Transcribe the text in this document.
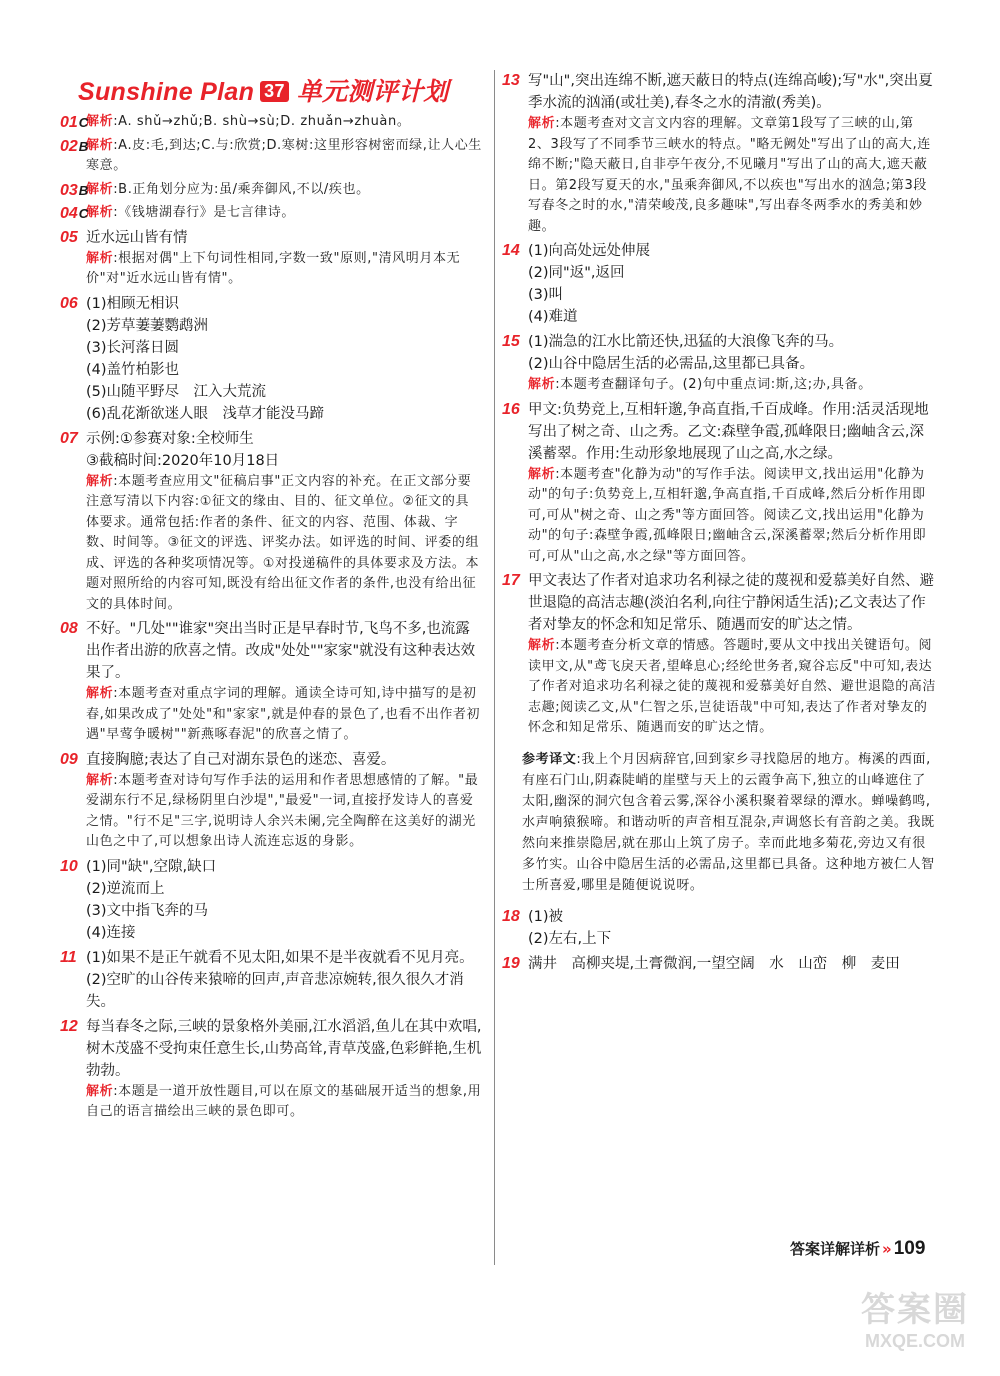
Sunshine Plan 37 单元测评计划
01C
解析:A. shǔ→zhǔ;B. shù→sù;D. zhuǎn→zhuàn。
02B
解析:A.皮:毛,到达;C.与:欣赏;D.寒树:这里形容树密而绿,让人心生寒意。
03B
解析:B.正角划分应为:虽/乘奔御风,不以/疾也。
04C
解析:《钱塘湖春行》是七言律诗。
05 近水远山皆有情
解析:根据对偶"上下句词性相同,字数一致"原则,"清风明月本无价"对"近水远山皆有情"。
06 (1)相顾无相识
(2)芳草萋萋鹦鹉洲
(3)长河落日圆
(4)盖竹柏影也
(5)山随平野尽　江入大荒流
(6)乱花渐欲迷人眼　浅草才能没马蹄
07 示例:①参赛对象:全校师生
③截稿时间:2020年10月18日
解析:本题考查应用文"征稿启事"正文内容的补充。在正文部分要注意写清以下内容:①征文的缘由、目的、征文单位。②征文的具体要求。通常包括:作者的条件、征文的内容、范围、体裁、字数、时间等。③征文的评选、评奖办法。如评选的时间、评委的组成、评选的各种奖项情况等。①对投递稿件的具体要求及方法。本题对照所给的内容可知,既没有给出征文作者的条件,也没有给出征文的具体时间。
08 不好。"几处""谁家"突出当时正是早春时节,飞鸟不多,也流露出作者出游的欣喜之情。改成"处处""家家"就没有这种表达效果了。
解析:本题考查对重点字词的理解。通读全诗可知,诗中描写的是初春,如果改成了"处处"和"家家",就是仲春的景色了,也看不出作者初遇"早莺争暖树""新燕啄春泥"的欣喜之情了。
09 直接胸臆;表达了自己对湖东景色的迷恋、喜爱。
解析:本题考查对诗句写作手法的运用和作者思想感情的了解。"最爱湖东行不足,绿杨阴里白沙堤","最爱"一词,直接抒发诗人的喜爱之情。"行不足"三字,说明诗人余兴未阑,完全陶醉在这美好的湖光山色之中了,可以想象出诗人流连忘返的身影。
10 (1)同"缺",空隙,缺口
(2)逆流而上
(3)文中指飞奔的马
(4)连接
11 (1)如果不是正午就看不见太阳,如果不是半夜就看不见月亮。
(2)空旷的山谷传来猿啼的回声,声音悲凉婉转,很久很久才消失。
12 每当春冬之际,三峡的景象格外美丽,江水滔滔,鱼儿在其中欢唱,树木茂盛不受拘束任意生长,山势高耸,青草茂盛,色彩鲜艳,生机勃勃。
解析:本题是一道开放性题目,可以在原文的基础展开适当的想象,用自己的语言描绘出三峡的景色即可。
13 写"山",突出连绵不断,遮天蔽日的特点(连绵高峻);写"水",突出夏季水流的汹涌(或壮美),春冬之水的清澈(秀美)。
解析:本题考查对文言文内容的理解。文章第1段写了三峡的山,第2、3段写了不同季节三峡水的特点。"略无阙处"写出了山的高大,连绵不断;"隐天蔽日,自非亭午夜分,不见曦月"写出了山的高大,遮天蔽日。第2段写夏天的水,"虽乘奔御风,不以疾也"写出水的汹急;第3段写春冬之时的水,"清荣峻茂,良多趣味",写出春冬两季水的秀美和妙趣。
14 (1)向高处远处伸展
(2)同"返",返回
(3)叫
(4)难道
15 (1)湍急的江水比箭还快,迅猛的大浪像飞奔的马。
(2)山谷中隐居生活的必需品,这里都已具备。
解析:本题考查翻译句子。(2)句中重点词:斯,这;办,具备。
16 甲文:负势竞上,互相轩邈,争高直指,千百成峰。作用:活灵活现地写出了树之奇、山之秀。乙文:森壁争霞,孤峰限日;幽岫含云,深溪蓄翠。作用:生动形象地展现了山之高,水之绿。
解析:本题考查"化静为动"的写作手法。阅读甲文,找出运用"化静为动"的句子:负势竞上,互相轩邈,争高直指,千百成峰,然后分析作用即可,可从"树之奇、山之秀"等方面回答。阅读乙文,找出运用"化静为动"的句子:森壁争霞,孤峰限日;幽岫含云,深溪蓄翠;然后分析作用即可,可从"山之高,水之绿"等方面回答。
17 甲文表达了作者对追求功名利禄之徒的蔑视和爱慕美好自然、避世退隐的高洁志趣(淡泊名利,向往宁静闲适生活);乙文表达了作者对挚友的怀念和知足常乐、随遇而安的旷达之情。
解析:本题考查分析文章的情感。答题时,要从文中找出关键语句。阅读甲文,从"鸢飞戾天者,望峰息心;经纶世务者,窥谷忘反"中可知,表达了作者对追求功名利禄之徒的蔑视和爱慕美好自然、避世退隐的高洁志趣;阅读乙文,从"仁智之乐,岂徒语哉"中可知,表达了作者对挚友的怀念和知足常乐、随遇而安的旷达之情。
参考译文:我上个月因病辞官,回到家乡寻找隐居的地方。梅溪的西面,有座石门山,阴森陡峭的崖壁与天上的云霞争高下,独立的山峰遮住了太阳,幽深的洞穴包含着云雾,深谷小溪积聚着翠绿的潭水。蝉噪鹤鸣,水声响猿猴啼。和谐动听的声音相互混杂,声调悠长有音韵之美。我既然向来推崇隐居,就在那山上筑了房子。幸而此地多菊花,旁边又有很多竹实。山谷中隐居生活的必需品,这里都已具备。这种地方被仁人智士所喜爱,哪里是随便说说呀。
18 (1)被
(2)左右,上下
19 满井　高柳夹堤,土膏微润,一望空阔　水　山峦　柳　麦田
答案详解详析 » 109
答案圈
MXQE.COM
